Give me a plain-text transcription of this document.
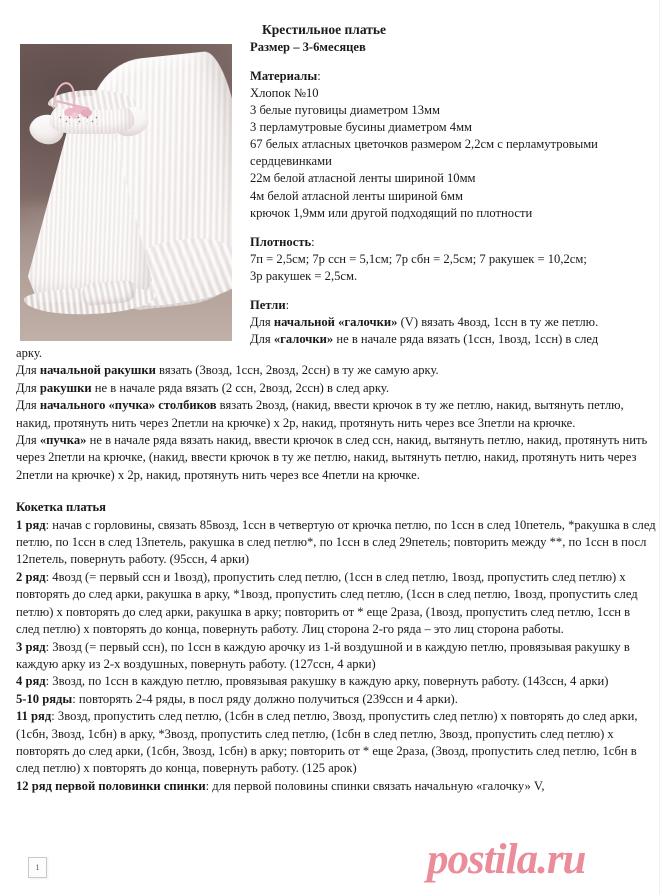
Крестильное платье
Размер – 3-6месяцев
Материалы:

Хлопок №10

3 белые пуговицы диаметром 13мм

3 перламутровые бусины диаметром 4мм

67 белых атласных цветочков размером 2,2см с перламутровыми

сердцевинками

22м белой атласной ленты шириной 10мм

4м белой атласной ленты шириной 6мм

крючок 1,9мм или другой подходящий по плотности

Плотность:

7п = 2,5см; 7р ссн = 5,1см; 7р сбн = 2,5см; 7 ракушек = 10,2см;

3р ракушек = 2,5см.

Петли:

Для начальной «галочки» (V) вязать 4возд, 1ссн в ту же петлю.

Для «галочки» не в начале ряда вязать (1ссн, 1возд, 1ссн) в след

арку.

Для начальной ракушки вязать (3возд, 1ссн, 2возд, 2ссн) в ту же самую арку.

Для ракушки не в начале ряда вязать (2 ссн, 2возд, 2ссн) в след арку.

Для начального «пучка» столбиков вязать 2возд, (накид, ввести крючок в ту же петлю, накид, вытянуть петлю, накид, протянуть нить через 2петли на крючке) х 2р, накид, протянуть нить через все 3петли на крючке.

Для «пучка» не в начале ряда вязать накид, ввести крючок в след ссн, накид, вытянуть петлю, накид, протянуть нить через 2петли на крючке, (накид, ввести крючок в ту же петлю, накид, вытянуть петлю, накид, протянуть нить через 2петли на крючке) х 2р, накид, протянуть нить через все 4петли на крючке.

Кокетка платья

1 ряд: начав с горловины, связать 85возд, 1ссн в четвертую от крючка петлю, по 1ссн в след 10петель, *ракушка в след петлю, по 1ссн в след 13петель, ракушка в след петлю*, по 1ссн в след 29петель; повторить между **, по 1ссн в посл 12петель, повернуть работу. (95ссн, 4 арки)

2 ряд: 4возд (= первый ссн и 1возд), пропустить след петлю, (1ссн в след петлю, 1возд, пропустить след петлю) х повторять до след арки, ракушка в арку, *1возд, пропустить след петлю, (1ссн в след петлю, 1возд, пропустить след петлю) х повторять до след арки, ракушка в арку; повторить от * еще 2раза, (1возд, пропустить след петлю, 1ссн в след петлю) х повторять до конца, повернуть работу. Лиц сторона 2-го ряда – это лиц сторона работы.

3 ряд: 3возд (= первый ссн), по 1ссн в каждую арочку из 1-й воздушной и в каждую петлю, провязывая ракушку в каждую арку из 2-х воздушных, повернуть работу. (127ссн, 4 арки)

4 ряд: 3возд, по 1ссн в каждую петлю, провязывая ракушку в каждую арку, повернуть работу. (143ссн, 4 арки)

5-10 ряды: повторять 2-4 ряды, в посл ряду должно получиться (239ссн и 4 арки).

11 ряд: 3возд, пропустить след петлю, (1сбн в след петлю, 3возд, пропустить след петлю) х повторять до след арки, (1сбн, 3возд, 1сбн) в арку, *3возд, пропустить след петлю, (1сбн в след петлю, 3возд, пропустить след петлю) х повторять до след арки, (1сбн, 3возд, 1сбн) в арку; повторить от * еще 2раза, (3возд, пропустить след петлю, 1сбн в след петлю) х повторять до конца, повернуть работу. (125 арок)

12 ряд первой половинки спинки: для первой половины спинки связать начальную «галочку» V,

1	postila.ru
